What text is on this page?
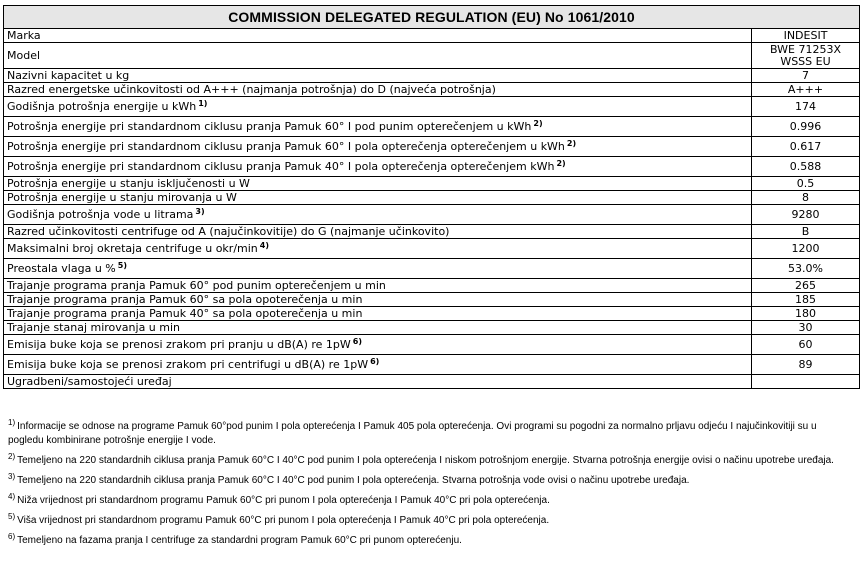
COMMISSION DELEGATED REGULATION (EU) No 1061/2010	
Marka	INDESIT
Model	BWE 71253X WSSS EU
Nazivni kapacitet u kg	7
Razred energetske učinkovitosti od A+++ (najmanja potrošnja) do D (najveća potrošnja)	A+++
Godišnja potrošnja energije u kWh $^{1)}$	174
Potrošnja energije pri standardnom ciklusu pranja Pamuk 60° I pod punim opterečenjem u kWh $^{2)}$	0.996
Potrošnja energije pri standardnom ciklusu pranja Pamuk 60° I pola opterečenja opterečenjem u kWh $^{2)}$	0.617
Potrošnja energije pri standardnom ciklusu pranja Pamuk 40° I pola opterečenja opterečenjem kWh $^{2)}$	0.588
Potrošnja energije u stanju isključenosti u W	0.5
Potrošnja energije u stanju mirovanja u W	8
Godišnja potrošnja vode u litrama $^{3)}$	9280
Razred učinkovitosti centrifuge od A (najučinkovitije) do G (najmanje učinkovito)	B
Maksimalni broj okretaja centrifuge u okr/min $^{4)}$	1200
Preostala vlaga u % $^{5)}$	53.0%
Trajanje programa pranja Pamuk 60° pod punim opterečenjem u min	265
Trajanje programa pranja Pamuk 60° sa pola opoterečenja u min	185
Trajanje programa pranja Pamuk 40° sa pola opoterečenja u min	180
Trajanje stanaj mirovanja u min	30
Emisija buke koja se prenosi zrakom pri pranju u dB(A) re 1pW $^{6)}$	60
Emisija buke koja se prenosi zrakom pri centrifugi u dB(A) re 1pW $^{6)}$	89
Ugradbeni/samostojeći uređaj	
$^{1)}$ Informacije se odnose na programe Pamuk 60°pod punim I pola opterećenja I Pamuk 405 pola opterećenja. Ovi programi su pogodni za normalno prljavu odjeću I najučinkovitiji su u pogledu kombinirane potrošnje energije I vode.
$^{2)}$ Temeljeno na 220 standardnih ciklusa pranja Pamuk 60°C I 40°C pod punim I pola opterećenja I niskom potrošnjom energije. Stvarna potrošnja energije ovisi o načinu upotrebe uređaja.
$^{3)}$ Temeljeno na 220 standardnih ciklusa pranja Pamuk 60°C I 40°C pod punim I pola opterećenja. Stvarna potrošnja vode ovisi o načinu upotrebe uređaja.
$^{4)}$ Niža vrijednost pri standardnom programu Pamuk 60°C pri punom I pola opterećenja I Pamuk 40°C pri pola opterećenja.
$^{5)}$ Viša vrijednost pri standardnom programu Pamuk 60°C pri punom I pola opterećenja I Pamuk 40°C pri pola opterećenja.
$^{6)}$ Temeljeno na fazama pranja I centrifuge za standardni program Pamuk 60°C pri punom opterećenju.
